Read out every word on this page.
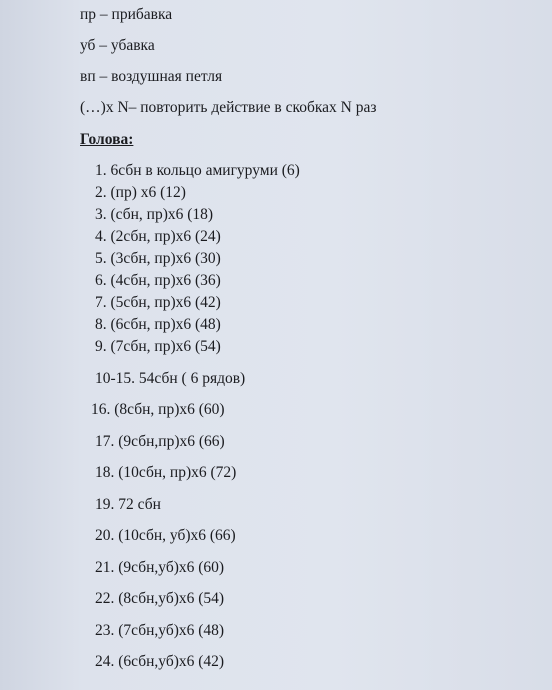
пр – прибавка
уб – убавка
вп – воздушная петля
(…)х N– повторить действие в скобках N раз
Голова:
1. 6сбн в кольцо амигуруми (6)
2. (пр) х6 (12)
3. (сбн, пр)х6 (18)
4. (2сбн, пр)х6 (24)
5. (3сбн, пр)х6 (30)
6. (4сбн, пр)х6 (36)
7. (5сбн, пр)х6 (42)
8. (6сбн, пр)х6 (48)
9. (7сбн, пр)х6 (54)
10-15. 54сбн ( 6 рядов)
16. (8сбн, пр)х6 (60)
17. (9сбн,пр)х6 (66)
18. (10сбн, пр)х6 (72)
19. 72 сбн
20. (10сбн, уб)х6 (66)
21. (9сбн,уб)х6 (60)
22. (8сбн,уб)х6 (54)
23. (7сбн,уб)х6 (48)
24. (6сбн,уб)х6 (42)
